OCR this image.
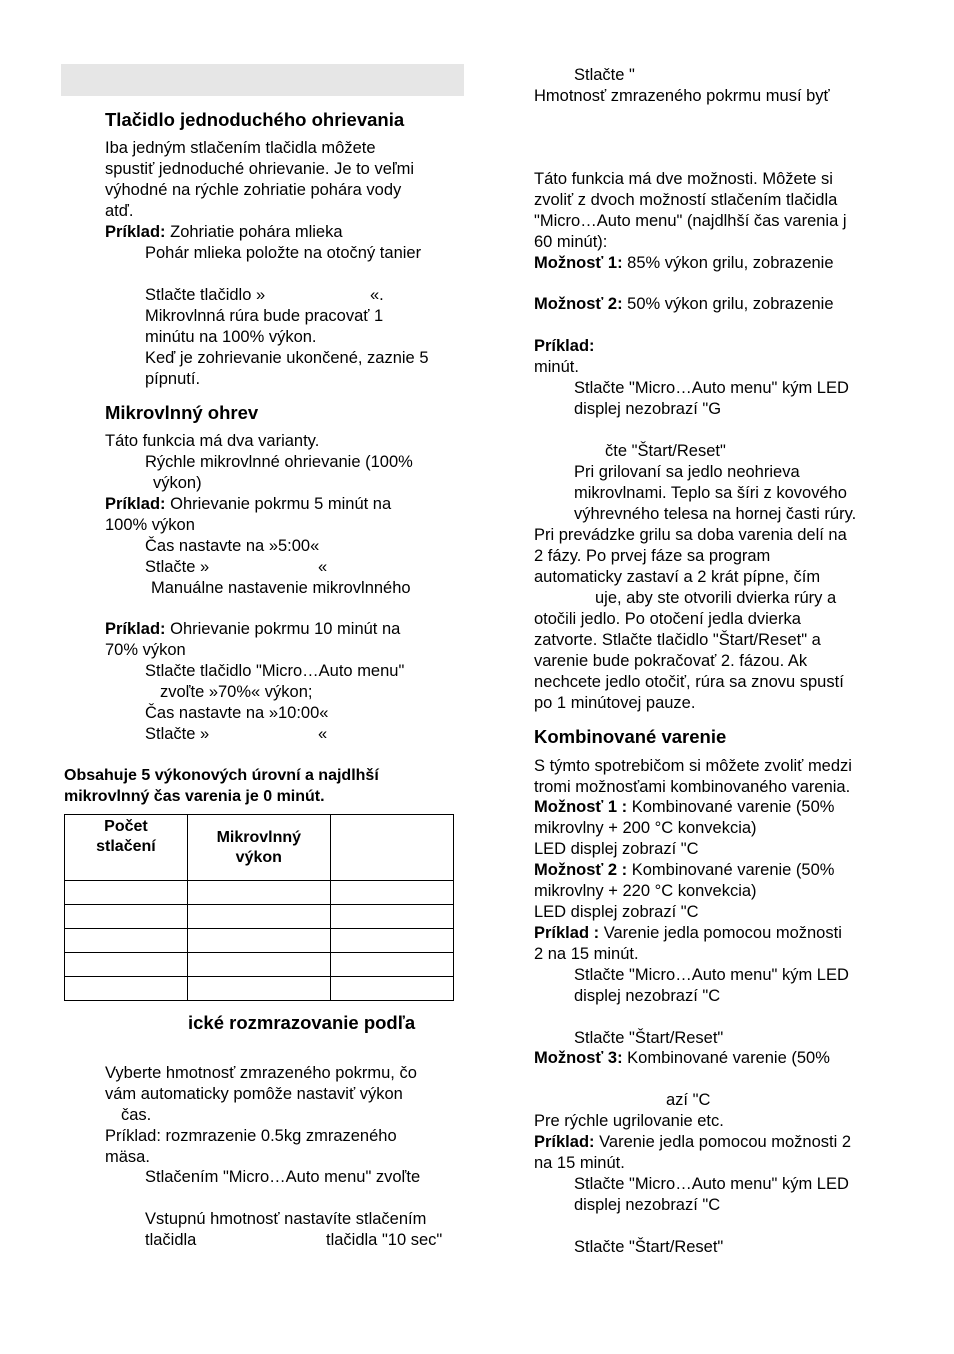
Tlačidlo jednoduchého ohrievania
Iba jedným stlačením tlačidla môžete
spustiť jednoduché ohrievanie. Je to veľmi
výhodné na rýchle zohriatie pohára vody
atď.
Príklad: Zohriatie pohára mlieka
Pohár mlieka položte na otočný tanier
Stlačte tlačidlo »	«.
Mikrovlnná rúra bude pracovať 1
minútu na 100% výkon.
Keď je zohrievanie ukončené, zaznie 5
pípnutí.
Mikrovlnný ohrev
Táto funkcia má dva varianty.
Rýchle mikrovlnné ohrievanie (100%
výkon)
Príklad: Ohrievanie pokrmu 5 minút na
100% výkon
Čas nastavte na »5:00«
Stlačte »	«
Manuálne nastavenie mikrovlnného
Príklad: Ohrievanie pokrmu 10 minút na
70% výkon
Stlačte tlačidlo "Micro…Auto menu"
zvoľte »70%« výkon;
Čas nastavte na »10:00«
Stlačte »	«
Obsahuje 5 výkonových úrovní a najdlhší
mikrovlnný čas varenia je 0 minút.
Počet stlačení	Mikrovlnný výkon	

ické rozmrazovanie podľa
Vyberte hmotnosť zmrazeného pokrmu, čo
vám automaticky pomôže nastaviť výkon
čas.
Príklad: rozmrazenie 0.5kg zmrazeného
mäsa.
Stlačením "Micro…Auto menu" zvoľte
Vstupnú hmotnosť nastavíte stlačením
tlačidla	tlačidla "10 sec"
Stlačte "
Hmotnosť zmrazeného pokrmu musí byť
Táto funkcia má dve možnosti. Môžete si
zvoliť z dvoch možností stlačením tlačidla
"Micro…Auto menu" (najdlhší čas varenia j
60 minút):
Možnosť 1: 85% výkon grilu, zobrazenie
Možnosť 2: 50% výkon grilu, zobrazenie
Príklad:
minút.
Stlačte "Micro…Auto menu" kým LED
displej nezobrazí "G
čte "Štart/Reset"
Pri grilovaní sa jedlo neohrieva
mikrovlnami. Teplo sa šíri z kovového
výhrevného telesa na hornej časti rúry.
Pri prevádzke grilu sa doba varenia delí na
2 fázy. Po prvej fáze sa program
automaticky zastaví a 2 krát pípne, čím
uje, aby ste otvorili dvierka rúry a
otočili jedlo. Po otočení jedla dvierka
zatvorte. Stlačte tlačidlo "Štart/Reset" a
varenie bude pokračovať 2. fázou. Ak
nechcete jedlo otočiť, rúra sa znovu spustí
po 1 minútovej pauze.
Kombinované varenie
S týmto spotrebičom si môžete zvoliť medzi
tromi možnosťami kombinovaného varenia.
Možnosť 1 : Kombinované varenie (50%
mikrovlny + 200 °C konvekcia)
LED displej zobrazí "C
Možnosť 2 : Kombinované varenie (50%
mikrovlny + 220 °C konvekcia)
LED displej zobrazí "C
Príklad : Varenie jedla pomocou možnosti
2 na 15 minút.
Stlačte "Micro…Auto menu" kým LED
displej nezobrazí "C
Stlačte "Štart/Reset"
Možnosť 3: Kombinované varenie (50%
azí "C
Pre rýchle ugrilovanie etc.
Príklad: Varenie jedla pomocou možnosti 2
na 15 minút.
Stlačte "Micro…Auto menu" kým LED
displej nezobrazí "C
Stlačte "Štart/Reset"
